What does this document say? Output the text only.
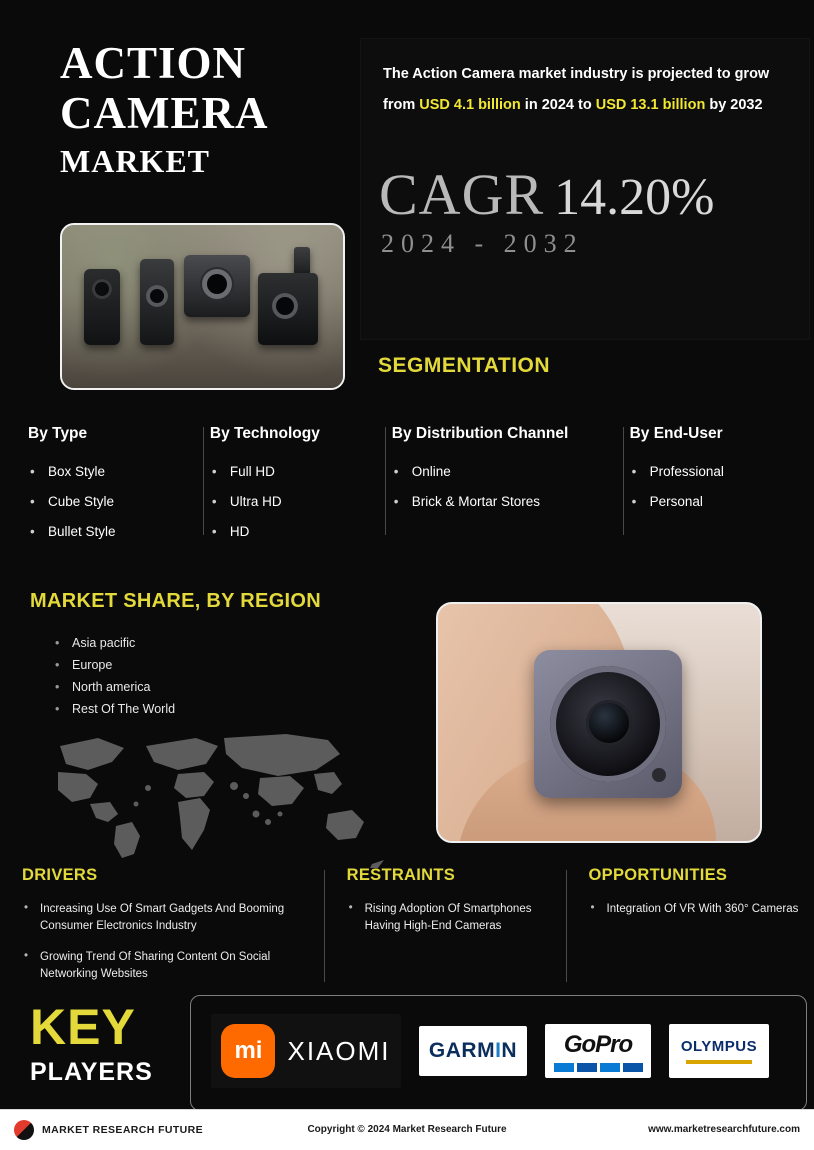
ACTION
CAMERA
MARKET
The Action Camera market industry is projected to grow from USD 4.1 billion in 2024 to USD 13.1 billion by 2032
CAGR 14.20%
2024 - 2032
SEGMENTATION
By Type
• Box Style
• Cube Style
• Bullet Style
By Technology
• Full HD
• Ultra HD
• HD
By Distribution Channel
• Online
• Brick & Mortar Stores
By End-User
• Professional
• Personal
MARKET SHARE, BY REGION
• Asia pacific
• Europe
• North america
• Rest Of The World
DRIVERS
• Increasing Use Of Smart Gadgets And Booming Consumer Electronics Industry
• Growing Trend Of Sharing Content On Social Networking Websites
RESTRAINTS
• Rising Adoption Of Smartphones Having High-End Cameras
OPPORTUNITIES
• Integration Of VR With 360° Cameras
KEY
PLAYERS
mi XIAOMI GARMIN GoPro	OLYMPUS
MARKET RESEARCH FUTURE	Copyright © 2024 Market Research Future	www.marketresearchfuture.com
